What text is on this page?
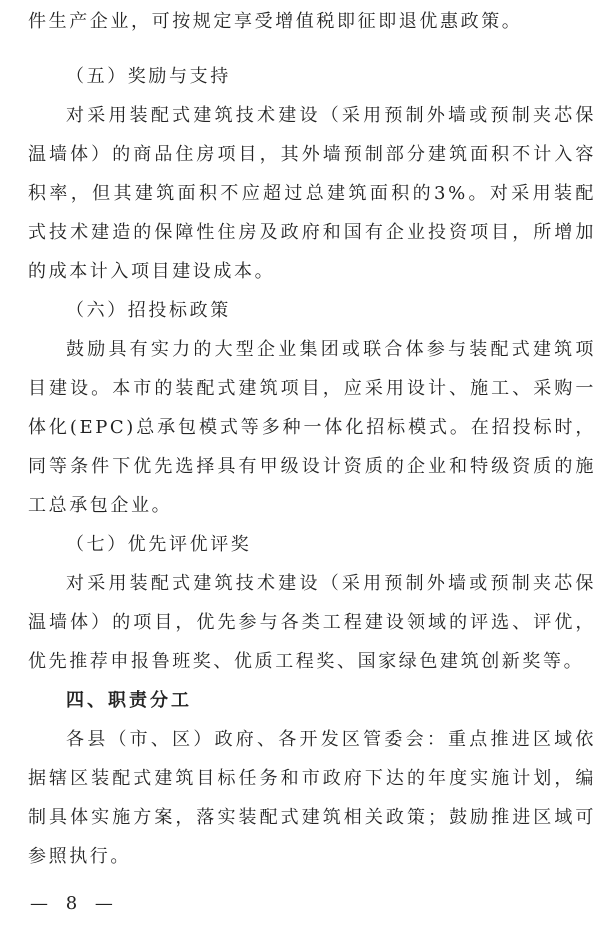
件生产企业，可按规定享受增值税即征即退优惠政策。
（五）奖励与支持
对采用装配式建筑技术建设（采用预制外墙或预制夹芯保温墙体）的商品住房项目，其外墙预制部分建筑面积不计入容积率，但其建筑面积不应超过总建筑面积的3%。对采用装配式技术建造的保障性住房及政府和国有企业投资项目，所增加的成本计入项目建设成本。
（六）招投标政策
鼓励具有实力的大型企业集团或联合体参与装配式建筑项目建设。本市的装配式建筑项目，应采用设计、施工、采购一体化(EPC)总承包模式等多种一体化招标模式。在招投标时，同等条件下优先选择具有甲级设计资质的企业和特级资质的施工总承包企业。
（七）优先评优评奖
对采用装配式建筑技术建设（采用预制外墙或预制夹芯保温墙体）的项目，优先参与各类工程建设领域的评选、评优，优先推荐申报鲁班奖、优质工程奖、国家绿色建筑创新奖等。
四、职责分工
各县（市、区）政府、各开发区管委会：重点推进区域依据辖区装配式建筑目标任务和市政府下达的年度实施计划，编制具体实施方案，落实装配式建筑相关政策；鼓励推进区域可参照执行。
— 8 —
